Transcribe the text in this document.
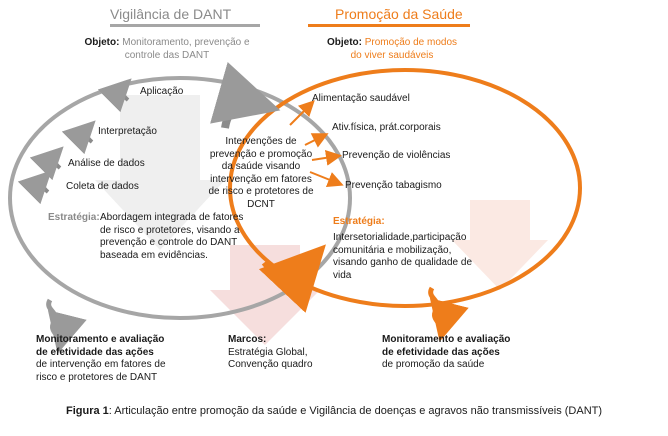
Vigilância de DANT	Promoção da Saúde
Objeto: Monitoramento, prevenção e controle das DANT
Objeto: Promoção de modos do viver saudáveis
Aplicação
Interpretação
Análise de dados
Coleta de dados
Estratégia: Abordagem integrada de fatores de risco e protetores, visando a prevenção e controle do DANT baseada em evidências.
Intervenções de prevenção e promoção da saúde visando intervenção em fatores de risco e protetores de DCNT
Alimentação saudável
Ativ.física, prát.corporais
Prevenção de violências
Prevenção tabagismo
Estratégia:
Intersetorialidade,participação comunitária e mobilização, visando ganho de qualidade de vida
Monitoramento e avaliação de efetividade das ações
de intervenção em fatores de risco e protetores de DANT
Marcos:
Estratégia Global, Convenção quadro
Monitoramento e avaliação de efetividade das ações
de promoção da saúde
Figura 1: Articulação entre promoção da saúde e Vigilância de doenças e agravos não transmissíveis (DANT)
